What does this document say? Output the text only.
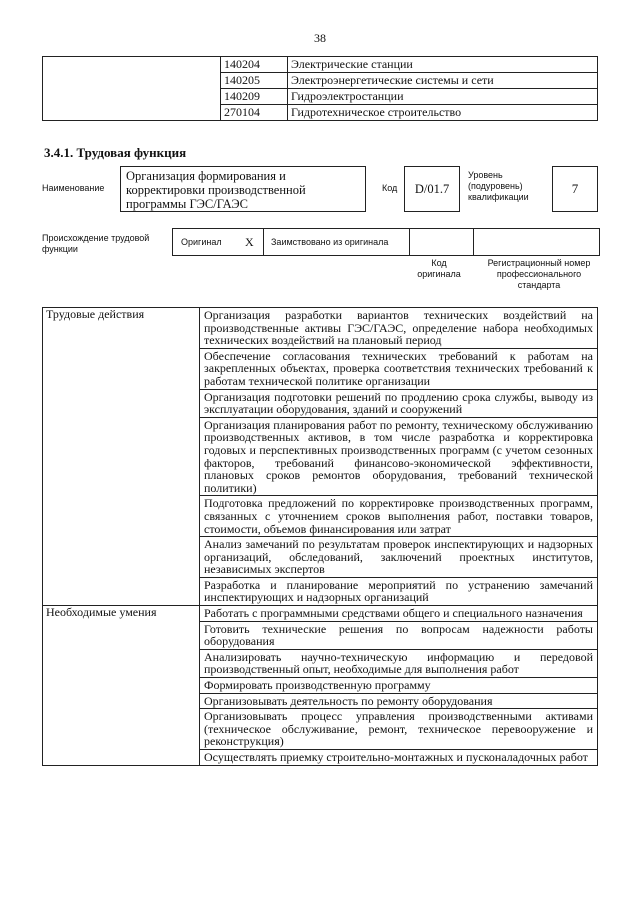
38
	140204	Электрические станции
	140205	Электроэнергетические системы и сети
	140209	Гидроэлектростанции
	270104	Гидротехническое строительство
3.4.1. Трудовая функция
Наименование
Организация формирования и корректировки производственной программы ГЭС/ГАЭС
Код	D/01.7
Уровень (подуровень) квалификации
7
Происхождение трудовой функции
Оригинал X Заимствовано из оригинала
Код оригинала
Регистрационный номер профессионального стандарта
Трудовые действия	Организация разработки вариантов технических воздействий на производственные активы ГЭС/ГАЭС, определение набора необходимых технических воздействий на плановый период
	Обеспечение согласования технических требований к работам на закрепленных объектах, проверка соответствия технических требований к работам технической политике организации
	Организация подготовки решений по продлению срока службы, выводу из эксплуатации оборудования, зданий и сооружений
	Организация планирования работ по ремонту, техническому обслуживанию производственных активов, в том числе разработка и корректировка годовых и перспективных производственных программ (с учетом сезонных факторов, требований финансово-экономической эффективности, плановых сроков ремонтов оборудования, требований технической политики)
	Подготовка предложений по корректировке производственных программ, связанных с уточнением сроков выполнения работ, поставки товаров, стоимости, объемов финансирования или затрат
	Анализ замечаний по результатам проверок инспектирующих и надзорных организаций, обследований, заключений проектных институтов, независимых экспертов
	Разработка и планирование мероприятий по устранению замечаний инспектирующих и надзорных организаций
Необходимые умения	Работать с программными средствами общего и специального назначения
	Готовить технические решения по вопросам надежности работы оборудования
	Анализировать научно-техническую информацию и передовой производственный опыт, необходимые для выполнения работ
	Формировать производственную программу
	Организовывать деятельность по ремонту оборудования
	Организовывать процесс управления производственными активами (техническое обслуживание, ремонт, техническое перевооружение и реконструкция)
	Осуществлять приемку строительно-монтажных и пусконаладочных работ
